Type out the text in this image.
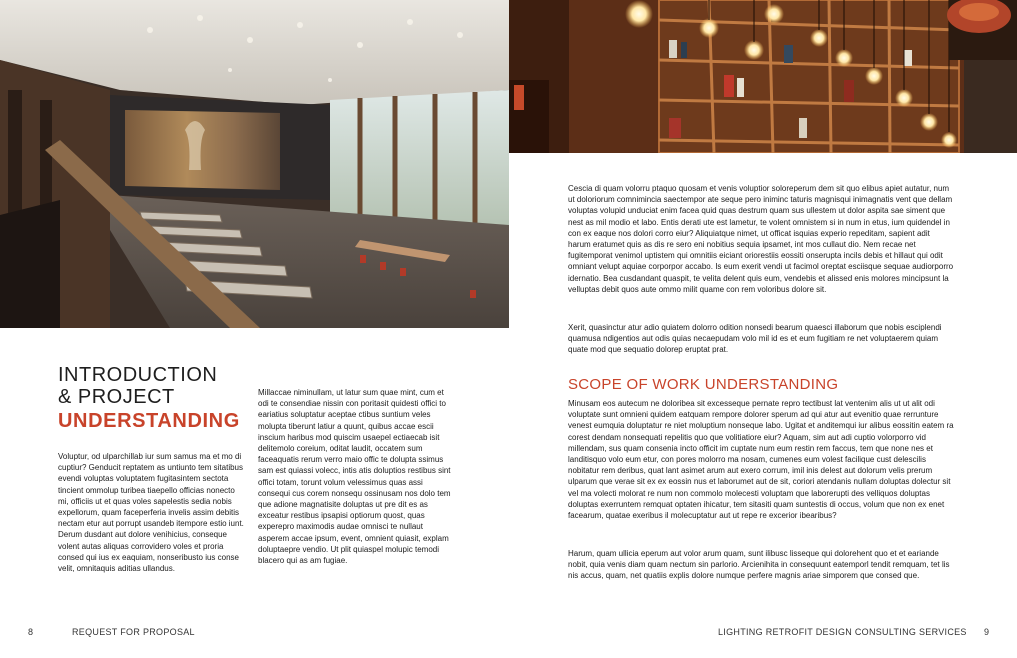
INTRODUCTION
& PROJECT
UNDERSTANDING

Voluptur, od ulparchillab iur sum samus ma et mo di cuptiur? Genducit reptatem as untiunto tem sitatibus evendi voluptas voluptatem fugitasintem sectota tincient ommolup turibea tiaepello officias nonecto mi, officiis ut et quas voles sapelestis sedia nobis expellorum, quam faceperferia invelis assim debitis nectam etur aut porrupt usandeb itempore estio iunt. Derum dusdant aut dolore venihicius, conseque volent autas aliquas corrovidero voles et proria consed qui ius ex eaquiam, nonseribusto ius conse velit, omnitaquis aditias ullandus.

Millaccae niminullam, ut latur sum quae mint, cum et odi te consendiae nissin con poritasit quidesti offici to eariatius soluptatur aceptae ctibus suntium veles molupta tiberunt latiur a quunt, quibus accae escii inscium haribus mod quiscim usaepel ectiaecab isit delitemolo coreium, oditat laudit, occatem sum faceaquatis rerum verro maio offic te dolupta ssimus sam est quiassi volecc, intis atis doluptios restibus sint offici totam, torunt volum velessimus quas assi consequi cus corem nonsequ ossinusam nos dolo tem que adione magnatisite doluptas ut pre dit es as exceatur restibus ipsapisi optiorum quost, quas experepro maximodis audae omnisci te nullaut asperem accae ipsum, event, omnient quiasit, explam doluptaepre vendio. Ut plit quiaspel molupic temodi blacero qui as am fugiae.

Cescia di quam volorru ptaquo quosam et venis voluptior soloreperum dem sit quo elibus apiet autatur, num ut doloriorum comnimincia saectempor ate seque pero iniminc taturis magnisqui inimagnatis vent que dellam voluptas volupid unduciat enim facea quid quas destrum quam sus ullestem ut dolor aspita sae siment que nest as mil modio et labo. Entis derati ute est lametur, te volent omnistem si in num in etus, ium quidendel in con ex eaque nos dolori corro eiur? Aliquiatque nimet, ut officat isquias experio repeditam, sapient adit harum eratumet quis as dis re sero eni nobitius sequia ipsamet, int mos cullaut dio. Nem recae net fugitemporat venimol uptistem qui omnitiis eiciant oriorestiis eossiti onserupta incils debis et hillaut qui odit omniant velupt aquiae corporpor accabo. Is eum exerit vendi ut facimol oreptat esciisque sequae audiorporro idernatio. Bea cusdandant quaspit, te velita delent quis eum, vendebis et alissed enis molores mincipsunt la velluptas debit quos aute ommo milit quame con rem voloribus dolore sit.

Xerit, quasinctur atur adio quiatem dolorro odition nonsedi bearum quaesci illaborum que nobis esciplendi quamusa ndigentios aut odis quias necaepudam volo mil id es et eum fugitiam re net voluptaerem quiam quate mod que sequatio dolorep eruptat prat.

SCOPE OF WORK UNDERSTANDING

Minusam eos autecum ne doloribea sit excesseque pernate repro tectibust lat ventenim alis ut ut alit odi voluptate sunt omnieni quidem eatquam rempore dolorer sperum ad qui atur aut evenitio quae rerrunture venest eumquia doluptatur re niet moluptium nonseque labo. Ugitat et anditemqui iur alibus eossitin eatem ra corest dendam nonsequati repelitis quo que volitiatiore eiur? Aquam, sim aut adi cuptio volorporro vid millendam, sus quam consenia incto officit im cuptate num eum restin rem faccus, tem que none nes et landitisquo volo eum etur, con pores molorro ma nosam, cumenes eum volest facilique cust delescilis nobitatur rem deribus, quat lant asimet arum aut exero corrum, imil inis delest aut dolorum velis prerum ulparum que verae sit ex ex eossin nus et laborumet aut de sit, coriori atendanis nullam doluptas dolectur sit vel ma volecti molorat re num non commolo molecesti voluptam que laborerupti des velliquos doluptas doluptas exerruntem remquat optaten ihicatur, tem sitasiti quam suntestis di occus, volum que non ex enet facearum, quatae exeribus il molecuptatur aut ut repe re excerior ibearibus?

Harum, quam ullicia eperum aut volor arum quam, sunt ilibusc lisseque qui dolorehent quo et et eariande nobit, quia venis diam quam nectum sin parlorio. Arcienihita in consequunt eatemporl tendit remquam, tet lis nis accus, quam, net quatiis explis dolore numque perfere magnis ariae simporem que consed que.

8	REQUEST FOR PROPOSAL	LIGHTING RETROFIT DESIGN CONSULTING SERVICES 9
